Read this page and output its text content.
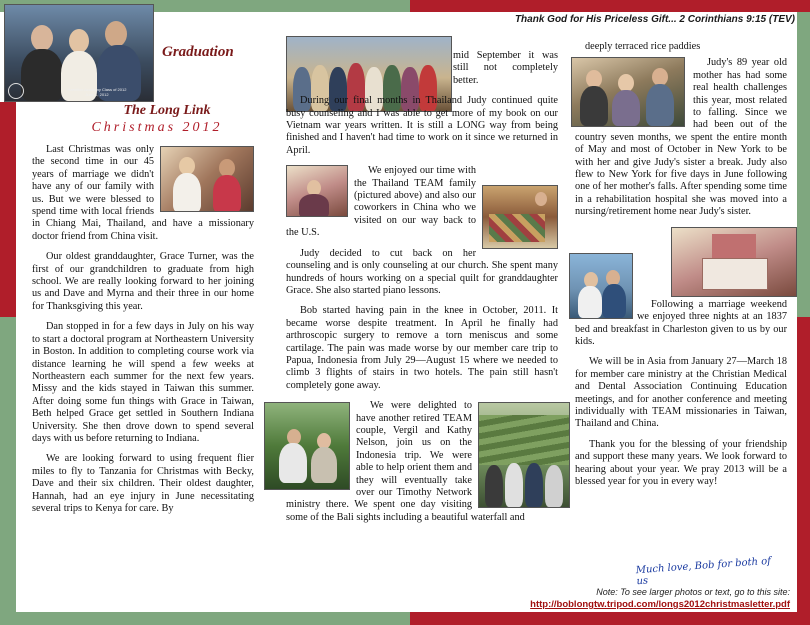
Thank God for His Priceless Gift... 2 Corinthians 9:15 (TEV)
Hamilton Academy Class of 2012
June 1, 2012
Graduation
The Long Link
Christmas 2012

Last Christmas was only the second time in our 45 years of marriage we didn't have any of our family with us. But we were blessed to spend time with local friends in Chiang Mai, Thailand, and have a missionary doctor friend from China visit.

Our oldest granddaughter, Grace Turner, was the first of our grandchildren to graduate from high school. We are really looking forward to her joining us and Dave and Myrna and their three in our home for Thanksgiving this year.

Dan stopped in for a few days in July on his way to start a doctoral program at Northeastern University in Boston. In addition to completing course work via distance learning he will spend a few weeks at Northeastern each summer for the next few years. Missy and the kids stayed in Taiwan this summer. After doing some fun things with Grace in Taiwan, Beth helped Grace get settled in Southern Indiana University. She then drove down to spend several days with us before returning to Indiana.

We are looking forward to using frequent flier miles to fly to Tanzania for Christmas with Becky, Dave and their six children. Their oldest daughter, Hannah, had an eye injury in June necessitating several trips to Kenya for care. By

mid September it was still not completely better.

During our final months in Thailand Judy continued quite busy counseling and I was able to get more of my book on our Vietnam war years written. It is still a LONG way from being finished and I haven't had time to work on it since we returned in April.

We enjoyed our time with the Thailand TEAM family (pictured above) and also our coworkers in China who we visited on our way back to the U.S.

Judy decided to cut back on her counseling and is only counseling at our church. She spent many hundreds of hours working on a special quilt for granddaughter Grace. She also started piano lessons.

Bob started having pain in the knee in October, 2011. It became worse despite treatment. In April he finally had arthroscopic surgery to remove a torn meniscus and some cartilage. The pain was made worse by our member care trip to Papua, Indonesia from July 29—August 15 where we needed to climb 3 flights of stairs in two hotels. The pain still hasn't completely gone away.

We were delighted to have another retired TEAM couple, Vergil and Kathy Nelson, join us on the Indonesia trip. We were able to help orient them and they will eventually take over our Timothy Network ministry there. We spent one day visiting some of the Bali sights including a beautiful waterfall and

deeply terraced rice paddies

Judy's 89 year old mother has had some real health challenges this year, most related to falling. Since we had been out of the country seven months, we spent the entire month of May and most of October in New York to be with her and give Judy's sister a break. Judy also flew to New York for five days in June following one of her mother's falls. After spending some time in a rehabilitation hospital she was moved into a nursing/retirement home near Judy's sister.

Following a marriage weekend we enjoyed three nights at an 1837 bed and breakfast in Charleston given to us by our kids.

We will be in Asia from January 27—March 18 for member care ministry at the Christian Medical and Dental Association Continuing Education meetings, and for another conference and meeting individually with TEAM missionaries in Taiwan, Thailand and China.

Thank you for the blessing of your friendship and support these many years. We look forward to hearing about your year. We pray 2013 will be a blessed year for you in every way!

Much love, Bob for both of us
Note: To see larger photos or text, go to this site:
http://boblongtw.tripod.com/longs2012christmasletter.pdf
